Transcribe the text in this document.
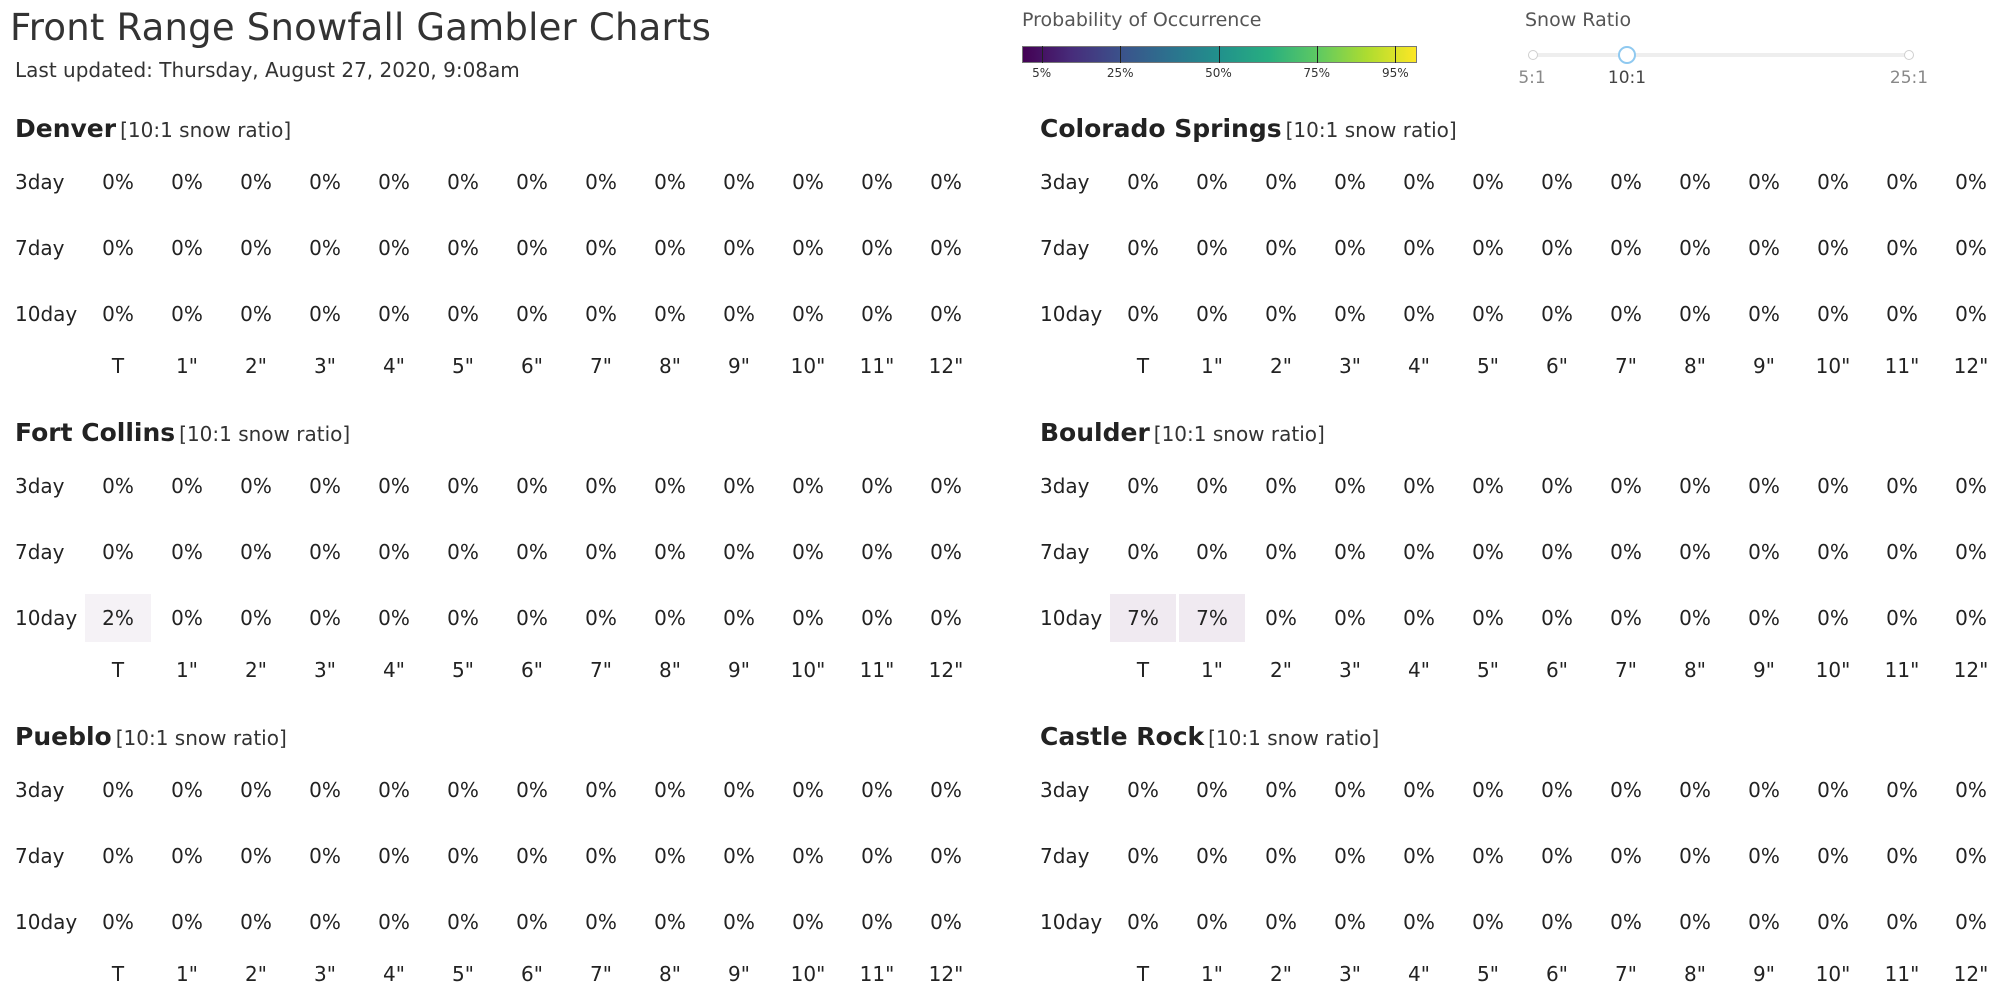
Front Range Snowfall Gambler Charts
Last updated: Thursday, August 27, 2020, 9:08am
Probability of Occurrence
5%	25%	50%	75%	95%
Snow Ratio
5:1	10:1	25:1
Denver [10:1 snow ratio]
3day	0%	0%	0%	0%	0%	0%	0%	0%	0%	0%	0%	0%	0%
7day	0%	0%	0%	0%	0%	0%	0%	0%	0%	0%	0%	0%	0%
10day	0%	0%	0%	0%	0%	0%	0%	0%	0%	0%	0%	0%	0%
T	1"	2"	3"	4"	5"	6"	7"	8"	9"	10"	11"	12"
Colorado Springs [10:1 snow ratio]
3day	0%	0%	0%	0%	0%	0%	0%	0%	0%	0%	0%	0%	0%
7day	0%	0%	0%	0%	0%	0%	0%	0%	0%	0%	0%	0%	0%
10day	0%	0%	0%	0%	0%	0%	0%	0%	0%	0%	0%	0%	0%
T	1"	2"	3"	4"	5"	6"	7"	8"	9"	10"	11"	12"
Fort Collins [10:1 snow ratio]
3day	0%	0%	0%	0%	0%	0%	0%	0%	0%	0%	0%	0%	0%
7day	0%	0%	0%	0%	0%	0%	0%	0%	0%	0%	0%	0%	0%
10day	2%	0%	0%	0%	0%	0%	0%	0%	0%	0%	0%	0%	0%
T	1"	2"	3"	4"	5"	6"	7"	8"	9"	10"	11"	12"
Boulder [10:1 snow ratio]
3day	0%	0%	0%	0%	0%	0%	0%	0%	0%	0%	0%	0%	0%
7day	0%	0%	0%	0%	0%	0%	0%	0%	0%	0%	0%	0%	0%
10day	7%	7%	0%	0%	0%	0%	0%	0%	0%	0%	0%	0%	0%
T	1"	2"	3"	4"	5"	6"	7"	8"	9"	10"	11"	12"
Pueblo [10:1 snow ratio]
3day	0%	0%	0%	0%	0%	0%	0%	0%	0%	0%	0%	0%	0%
7day	0%	0%	0%	0%	0%	0%	0%	0%	0%	0%	0%	0%	0%
10day	0%	0%	0%	0%	0%	0%	0%	0%	0%	0%	0%	0%	0%
T	1"	2"	3"	4"	5"	6"	7"	8"	9"	10"	11"	12"
Castle Rock [10:1 snow ratio]
3day	0%	0%	0%	0%	0%	0%	0%	0%	0%	0%	0%	0%	0%
7day	0%	0%	0%	0%	0%	0%	0%	0%	0%	0%	0%	0%	0%
10day	0%	0%	0%	0%	0%	0%	0%	0%	0%	0%	0%	0%	0%
T	1"	2"	3"	4"	5"	6"	7"	8"	9"	10"	11"	12"
